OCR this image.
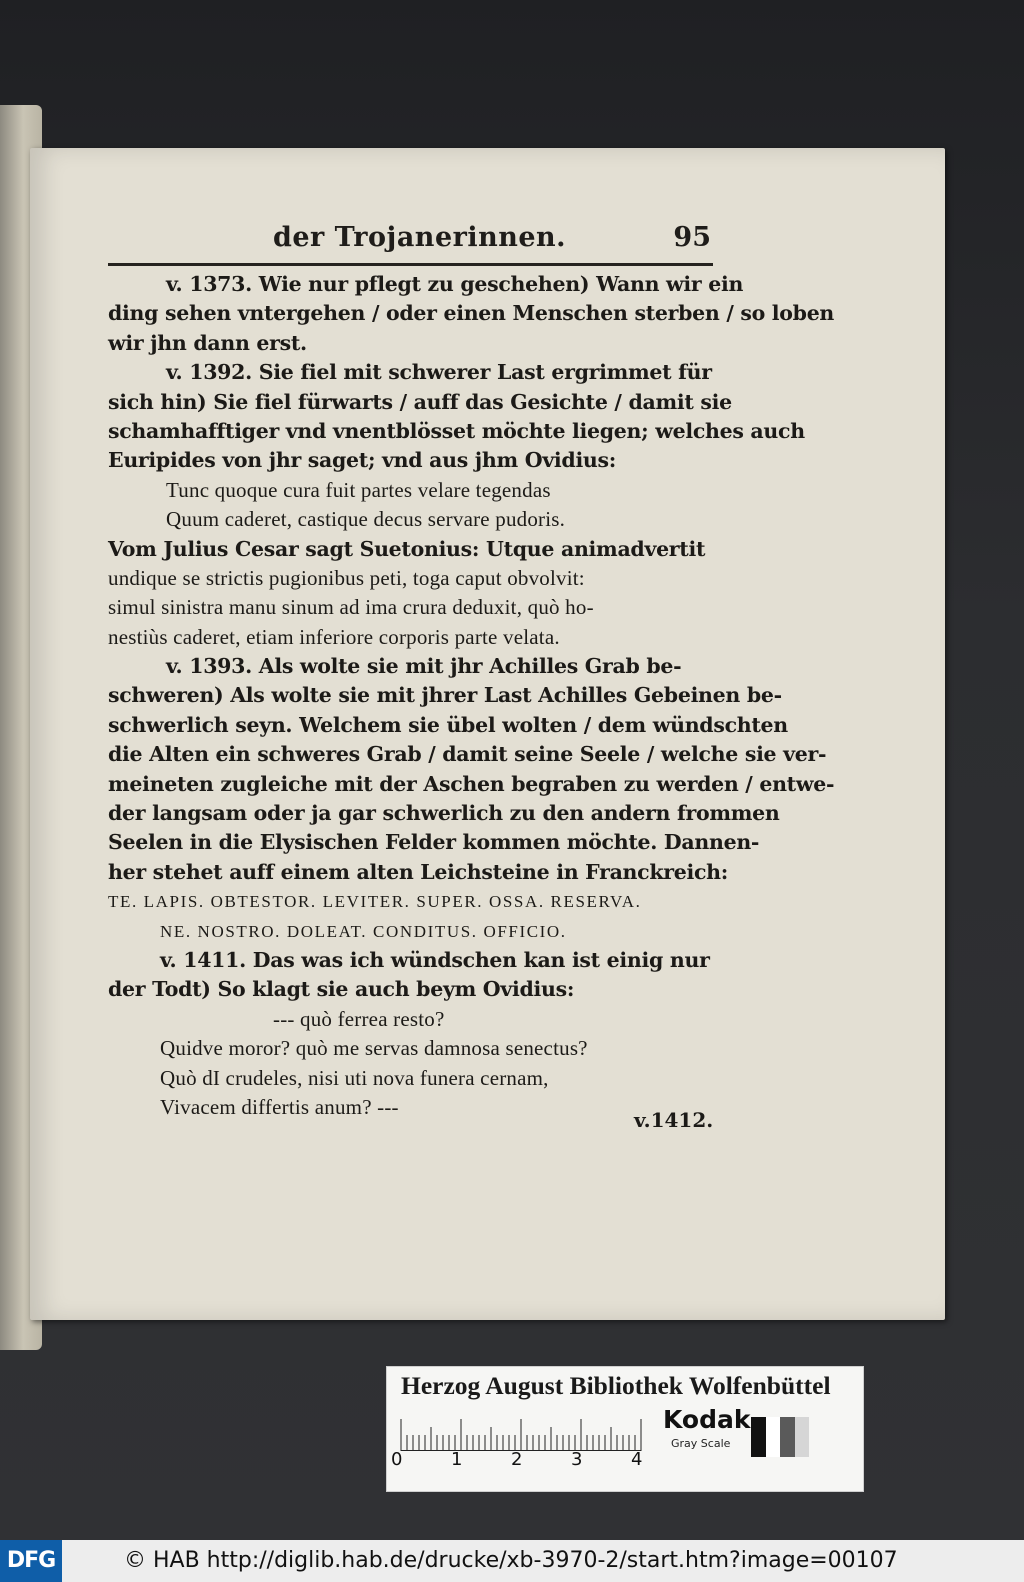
der Trojanerinnen.	95
v. 1373. Wie nur pflegt zu geschehen) Wann wir ein
ding sehen vntergehen / oder einen Menschen sterben / so loben
wir jhn dann erst.
v. 1392. Sie fiel mit schwerer Last ergrimmet für
sich hin) Sie fiel fürwarts / auff das Gesichte / damit sie
schamhafftiger vnd vnentblösset möchte liegen; welches auch
Euripides von jhr saget; vnd aus jhm Ovidius:
Tunc quoque cura fuit partes velare tegendas
Quum caderet, castique decus servare pudoris.
Vom Julius Cesar sagt Suetonius: Utque animadvertit
undique se strictis pugionibus peti, toga caput obvolvit:
simul sinistra manu sinum ad ima crura deduxit, quò ho-
nestiùs caderet, etiam inferiore corporis parte velata.
v. 1393. Als wolte sie mit jhr Achilles Grab be-
schweren) Als wolte sie mit jhrer Last Achilles Gebeinen be-
schwerlich seyn. Welchem sie übel wolten / dem wündschten
die Alten ein schweres Grab / damit seine Seele / welche sie ver-
meineten zugleiche mit der Aschen begraben zu werden / entwe-
der langsam oder ja gar schwerlich zu den andern frommen
Seelen in die Elysischen Felder kommen möchte. Dannen-
her stehet auff einem alten Leichsteine in Franckreich:
TE. LAPIS. OBTESTOR. LEVITER. SUPER. OSSA. RESERVA.
NE. NOSTRO. DOLEAT. CONDITUS. OFFICIO.
v. 1411. Das was ich wündschen kan ist einig nur
der Todt) So klagt sie auch beym Ovidius:
--- quò ferrea resto?
Quidve moror? quò me servas damnosa senectus?
Quò dI crudeles, nisi uti nova funera cernam,
Vivacem differtis anum? ---
v.1412.
Herzog August Bibliothek Wolfenbüttel
0	1	2	3	4
Kodak
Gray Scale
DFG	© HAB http://diglib.hab.de/drucke/xb-3970-2/start.htm?image=00107
